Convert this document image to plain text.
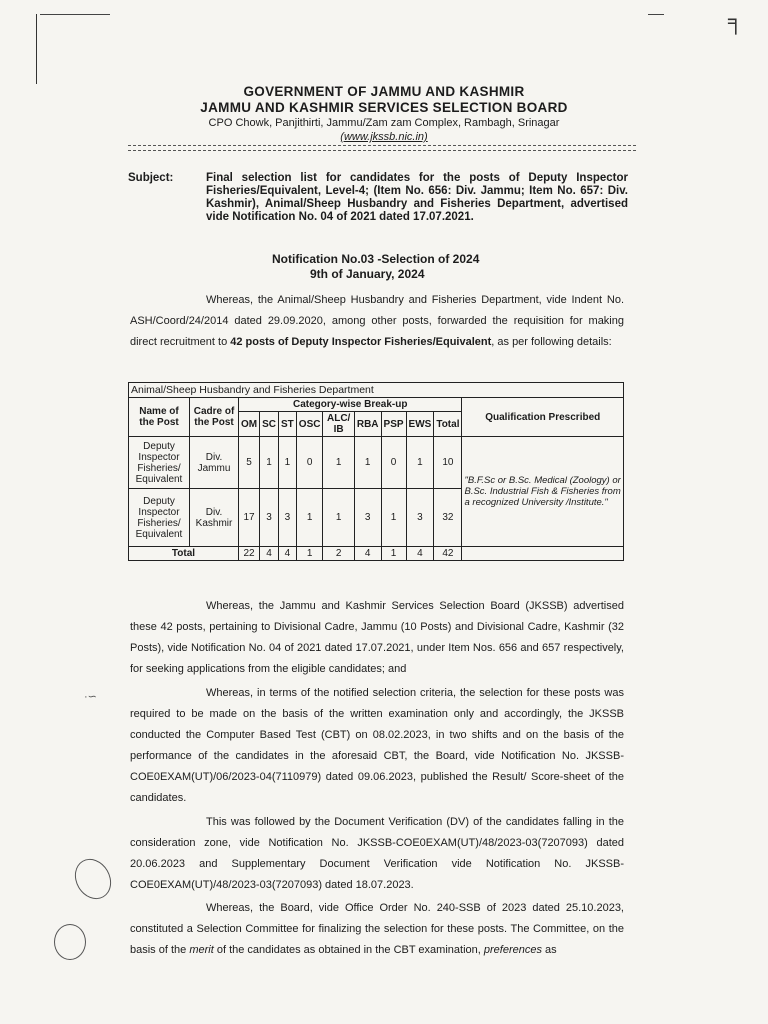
╕
GOVERNMENT OF JAMMU AND KASHMIR
JAMMU AND KASHMIR SERVICES SELECTION BOARD
CPO Chowk, Panjithirti, Jammu/Zam zam Complex, Rambagh, Srinagar
(www.jkssb.nic.in)
Subject:	Final selection list for candidates for the posts of Deputy Inspector Fisheries/Equivalent, Level-4; (Item No. 656: Div. Jammu; Item No. 657: Div. Kashmir), Animal/Sheep Husbandry and Fisheries Department, advertised vide Notification No. 04 of 2021 dated 17.07.2021.
Notification No.03 -Selection of 2024
9th of January, 2024
Whereas, the Animal/Sheep Husbandry and Fisheries Department, vide Indent No. ASH/Coord/24/2014 dated 29.09.2020, among other posts, forwarded the requisition for making direct recruitment to 42 posts of Deputy Inspector Fisheries/Equivalent, as per following details:
Animal/Sheep Husbandry and Fisheries Department											
Name of the Post	Cadre of the Post	Category-wise Break-up									Qualification Prescribed
		OM	SC	ST	OSC	ALC/ IB	RBA	PSP	EWS	Total	
Deputy Inspector Fisheries/ Equivalent	Div. Jammu	5	1	1	0	1	1	0	1	10	"B.F.Sc or B.Sc. Medical (Zoology) or B.Sc. Industrial Fish & Fisheries from a recognized University /Institute."
Deputy Inspector Fisheries/ Equivalent	Div. Kashmir	17	3	3	1	1	3	1	3	32	
Total		22	4	4	1	2	4	1	4	42	
Whereas, the Jammu and Kashmir Services Selection Board (JKSSB) advertised these 42 posts, pertaining to Divisional Cadre, Jammu (10 Posts) and Divisional Cadre, Kashmir (32 Posts), vide Notification No. 04 of 2021 dated 17.07.2021, under Item Nos. 656 and 657 respectively, for seeking applications from the eligible candidates; and
Whereas, in terms of the notified selection criteria, the selection for these posts was required to be made on the basis of the written examination only and accordingly, the JKSSB conducted the Computer Based Test (CBT) on 08.02.2023, in two shifts and on the basis of the performance of the candidates in the aforesaid CBT, the Board, vide Notification No. JKSSB-COE0EXAM(UT)/06/2023-04(7110979) dated 09.06.2023, published the Result/ Score-sheet of the candidates.
This was followed by the Document Verification (DV) of the candidates falling in the consideration zone, vide Notification No. JKSSB-COE0EXAM(UT)/48/2023-03(7207093) dated 20.06.2023 and Supplementary Document Verification vide Notification No. JKSSB-COE0EXAM(UT)/48/2023-03(7207093) dated 18.07.2023.
Whereas, the Board, vide Office Order No. 240-SSB of 2023 dated 25.10.2023, constituted a Selection Committee for finalizing the selection for these posts. The Committee, on the basis of the merit of the candidates as obtained in the CBT examination, preferences as
·∽
